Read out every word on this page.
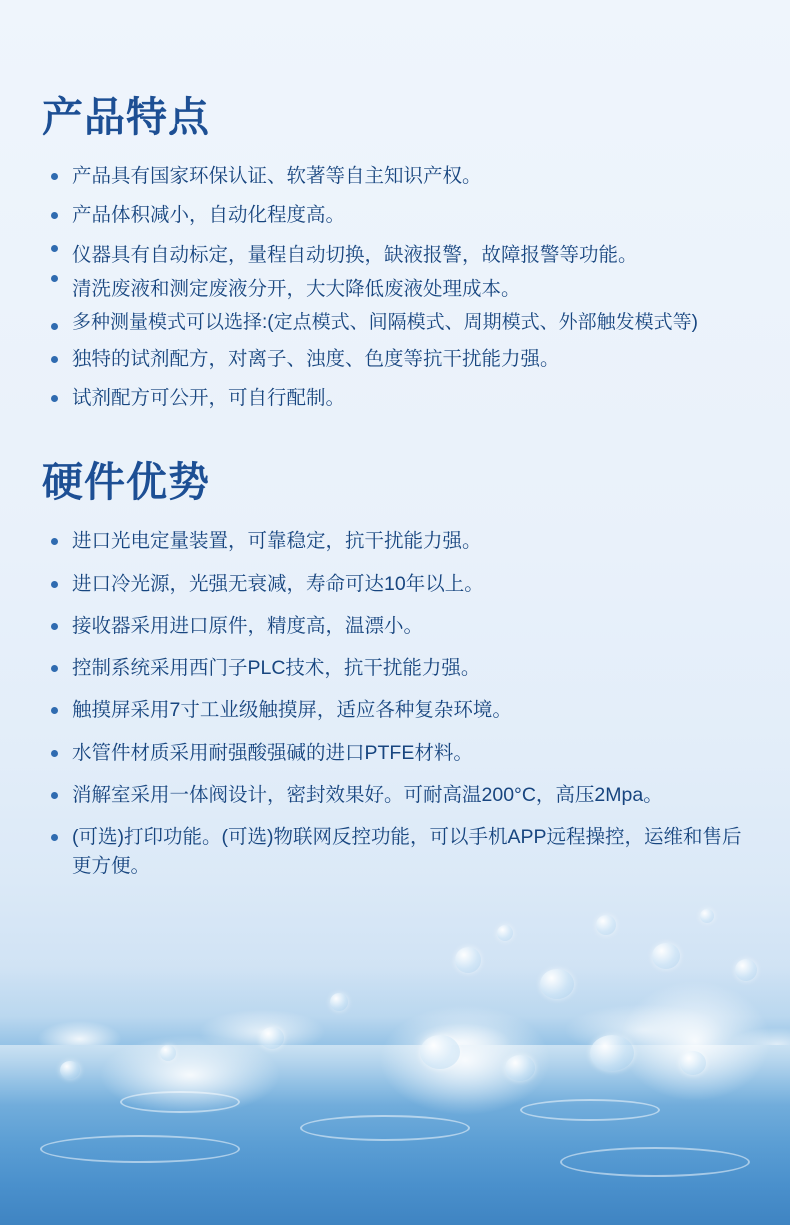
产品特点
产品具有国家环保认证、软著等自主知识产权。
产品体积减小，自动化程度高。
仪器具有自动标定，量程自动切换，缺液报警，故障报警等功能。
清洗废液和测定废液分开，大大降低废液处理成本。
多种测量模式可以选择:(定点模式、间隔模式、周期模式、外部触发模式等)
独特的试剂配方，对离子、浊度、色度等抗干扰能力强。
试剂配方可公开，可自行配制。
硬件优势
进口光电定量装置，可靠稳定，抗干扰能力强。
进口冷光源，光强无衰减，寿命可达10年以上。
接收器采用进口原件，精度高，温漂小。
控制系统采用西门子PLC技术，抗干扰能力强。
触摸屏采用7寸工业级触摸屏，适应各种复杂环境。
水管件材质采用耐强酸强碱的进口PTFE材料。
消解室采用一体阀设计，密封效果好。可耐高温200°C，高压2Mpa。
(可选)打印功能。(可选)物联网反控功能，可以手机APP远程操控，运维和售后更方便。
